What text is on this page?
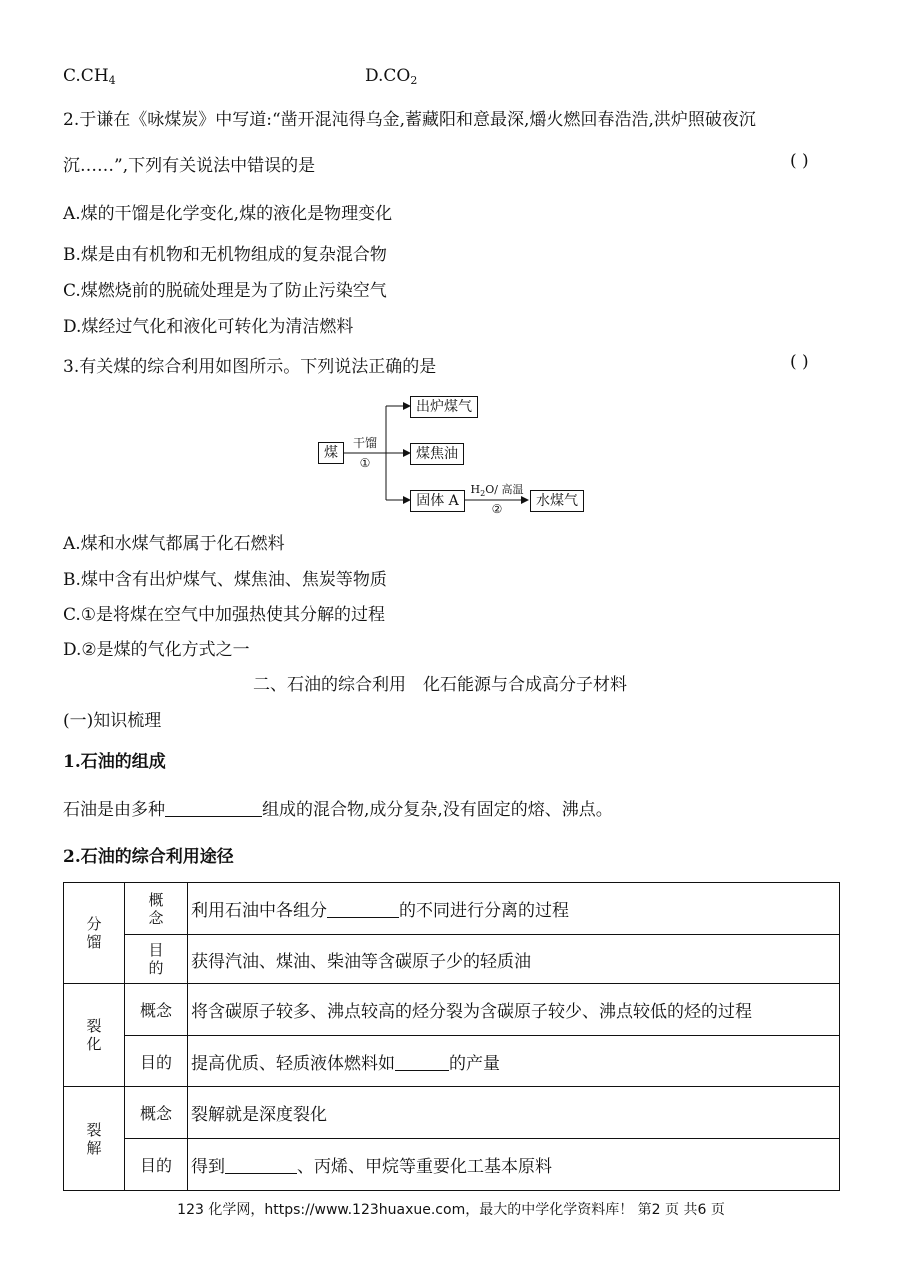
$C.CH_4$	$D.CO_2$
2.于谦在《咏煤炭》中写道:“凿开混沌得乌金,蓄藏阳和意最深,爝火燃回春浩浩,洪炉照破夜沉
沉……”,下列有关说法中错误的是	( )
A.煤的干馏是化学变化,煤的液化是物理变化
B.煤是由有机物和无机物组成的复杂混合物
C.煤燃烧前的脱硫处理是为了防止污染空气
D.煤经过气化和液化可转化为清洁燃料
3.有关煤的综合利用如图所示。下列说法正确的是	( )
煤
干馏
①
出炉煤气
煤焦油
固体 A
$H_2O/$ 高温
②	水煤气
A.煤和水煤气都属于化石燃料
B.煤中含有出炉煤气、煤焦油、焦炭等物质
C.①是将煤在空气中加强热使其分解的过程
D.②是煤的气化方式之一
二、石油的综合利用　化石能源与合成高分子材料
(一)知识梳理
1.石油的组成
石油是由多种	组成的混合物,成分复杂,没有固定的熔、沸点。
2.石油的综合利用途径
分馏	概念	利用石油中各组分 的不同进行分离的过程

	目的	获得汽油、煤油、柴油等含碳原子少的轻质油

裂化	概念	将含碳原子较多、沸点较高的烃分裂为含碳原子较少、沸点较低的烃的过程
	目的	提高优质、轻质液体燃料如 的产量

裂解	概念	裂解就是深度裂化
	目的	得到 、丙烯、甲烷等重要化工基本原料
123 化学网，https://www.123huaxue.com，最大的中学化学资料库！ 第2 页 共6 页
